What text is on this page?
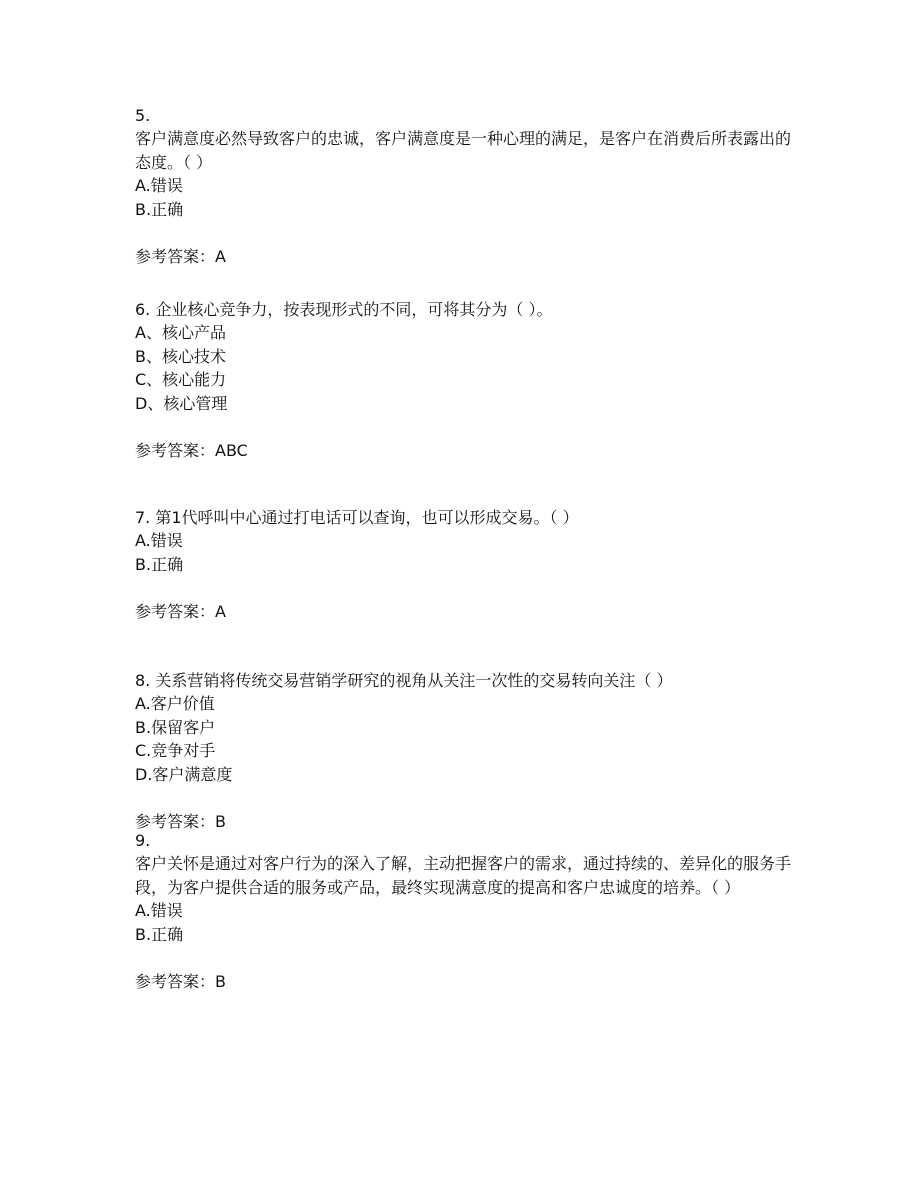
5.

客户满意度必然导致客户的忠诚，客户满意度是一种心理的满足，是客户在消费后所表露出的态度。（ ）

A.错误

B.正确

参考答案：A

6. 企业核心竞争力，按表现形式的不同，可将其分为（ ）。

A、核心产品

B、核心技术

C、核心能力

D、核心管理

参考答案：ABC

7. 第1代呼叫中心通过打电话可以查询，也可以形成交易。（ ）

A.错误

B.正确

参考答案：A

8. 关系营销将传统交易营销学研究的视角从关注一次性的交易转向关注（ ）

A.客户价值

B.保留客户

C.竞争对手

D.客户满意度

参考答案：B

9.

客户关怀是通过对客户行为的深入了解，主动把握客户的需求，通过持续的、差异化的服务手段，为客户提供合适的服务或产品，最终实现满意度的提高和客户忠诚度的培养。（ ）

A.错误

B.正确

参考答案：B
